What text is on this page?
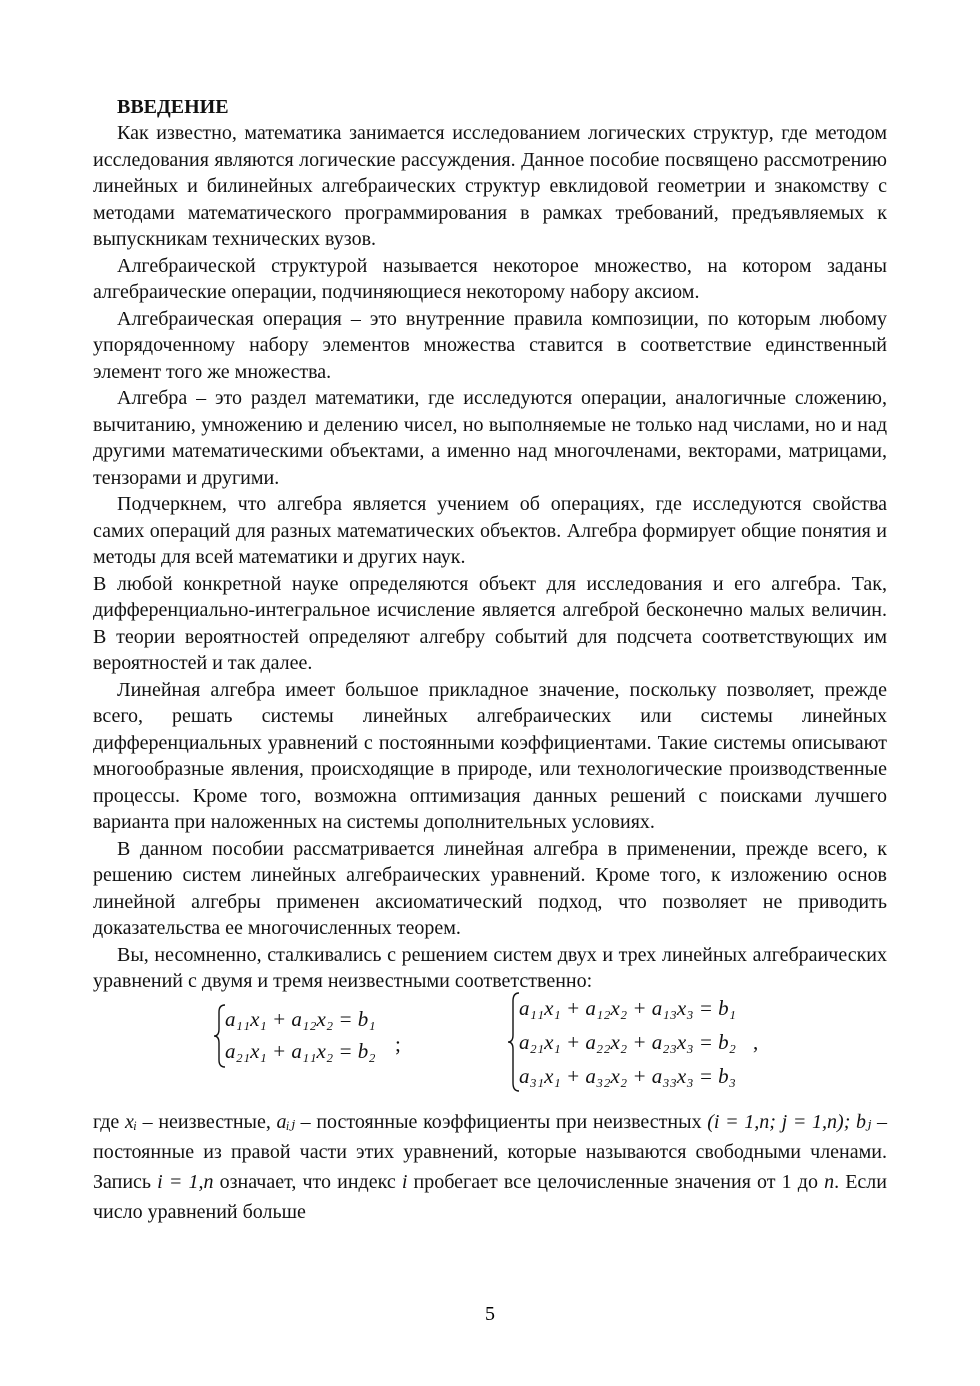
ВВЕДЕНИЕ

Как известно, математика занимается исследованием логических структур, где методом исследования являются логические рассуждения. Данное пособие посвящено рассмотрению линейных и билинейных алгебраических структур евклидовой геометрии и знакомству с методами математического программирования в рамках требований, предъявляемых к выпускникам технических вузов.

Алгебраической структурой называется некоторое множество, на котором заданы алгебраические операции, подчиняющиеся некоторому набору аксиом.

Алгебраическая операция – это внутренние правила композиции, по которым любому упорядоченному набору элементов множества ставится в соответствие единственный элемент того же множества.

Алгебра – это раздел математики, где исследуются операции, аналогичные сложению, вычитанию, умножению и делению чисел, но выполняемые не только над числами, но и над другими математическими объектами, а именно над многочленами, векторами, матрицами, тензорами и другими.

Подчеркнем, что алгебра является учением об операциях, где исследуются свойства самих операций для разных математических объектов. Алгебра формирует общие понятия и методы для всей математики и других наук.

В любой конкретной науке определяются объект для исследования и его алгебра. Так, дифференциально-интегральное исчисление является алгеброй бесконечно малых величин. В теории вероятностей определяют алгебру событий для подсчета соответствующих им вероятностей и так далее.

Линейная алгебра имеет большое прикладное значение, поскольку позволяет, прежде всего, решать системы линейных алгебраических или системы линейных дифференциальных уравнений с постоянными коэффициентами. Такие системы описывают многообразные явления, происходящие в природе, или технологические производственные процессы. Кроме того, возможна оптимизация данных решений с поисками лучшего варианта при наложенных на системы дополнительных условиях.

В данном пособии рассматривается линейная алгебра в применении, прежде всего, к решению систем линейных алгебраических уравнений. Кроме того, к изложению основ линейной алгебры применен аксиоматический подход, что позволяет не приводить доказательства ее многочисленных теорем.

Вы, несомненно, сталкивались с решением систем двух и трех линейных алгебраических уравнений с двумя и тремя неизвестными соответственно:

a₁₁x₁ + a₁₂x₂ = b₁
a₂₁x₁ + a₁₁x₂ = b₂ ;
a₁₁x₁ + a₁₂x₂ + a₁₃x₃ = b₁
a₂₁x₁ + a₂₂x₂ + a₂₃x₃ = b₂
a₃₁x₁ + a₃₂x₂ + a₃₃x₃ = b₃
,

где xᵢ – неизвестные, aᵢⱼ – постоянные коэффициенты при неизвестных (i = 1,n; j = 1,n); bⱼ – постоянные из правой части этих уравнений, которые называются свободными членами. Запись i = 1,n означает, что индекс i пробегает все целочисленные значения от 1 до n. Если число уравнений больше

5
